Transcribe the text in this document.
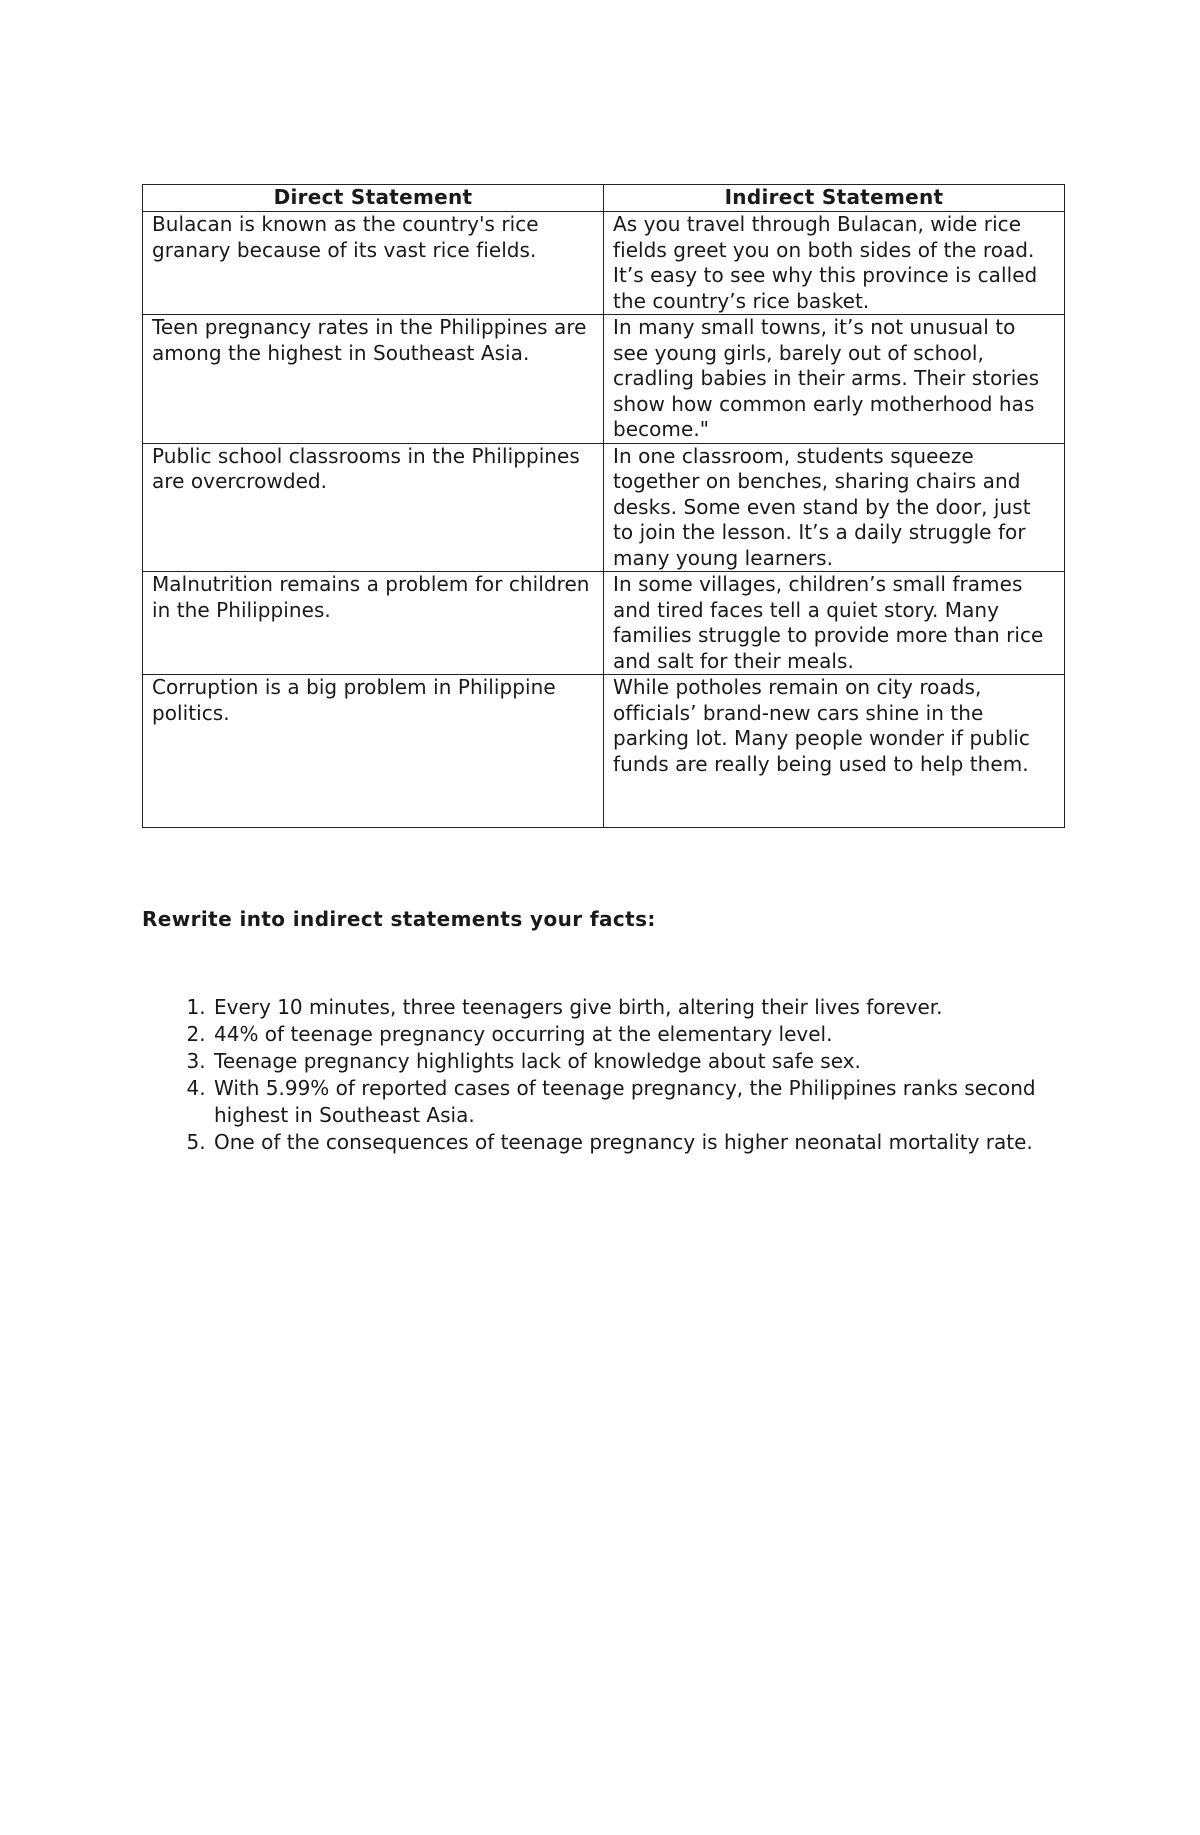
Direct Statement	Indirect Statement
Bulacan is known as the country's rice granary because of its vast rice fields.	As you travel through Bulacan, wide rice fields greet you on both sides of the road. It’s easy to see why this province is called the country’s rice basket.
Teen pregnancy rates in the Philippines are among the highest in Southeast Asia.	In many small towns, it’s not unusual to see young girls, barely out of school, cradling babies in their arms. Their stories show how common early motherhood has become."
Public school classrooms in the Philippines are overcrowded.	In one classroom, students squeeze together on benches, sharing chairs and desks. Some even stand by the door, just to join the lesson. It’s a daily struggle for many young learners.
Malnutrition remains a problem for children in the Philippines.	In some villages, children’s small frames and tired faces tell a quiet story. Many families struggle to provide more than rice and salt for their meals.
Corruption is a big problem in Philippine politics.	While potholes remain on city roads, officials’ brand-new cars shine in the parking lot. Many people wonder if public funds are really being used to help them.

Rewrite into indirect statements your facts:

1. Every 10 minutes, three teenagers give birth, altering their lives forever.
2. 44% of teenage pregnancy occurring at the elementary level.
3. Teenage pregnancy highlights lack of knowledge about safe sex.
4. With 5.99% of reported cases of teenage pregnancy, the Philippines ranks second highest in Southeast Asia.
5. One of the consequences of teenage pregnancy is higher neonatal mortality rate.
